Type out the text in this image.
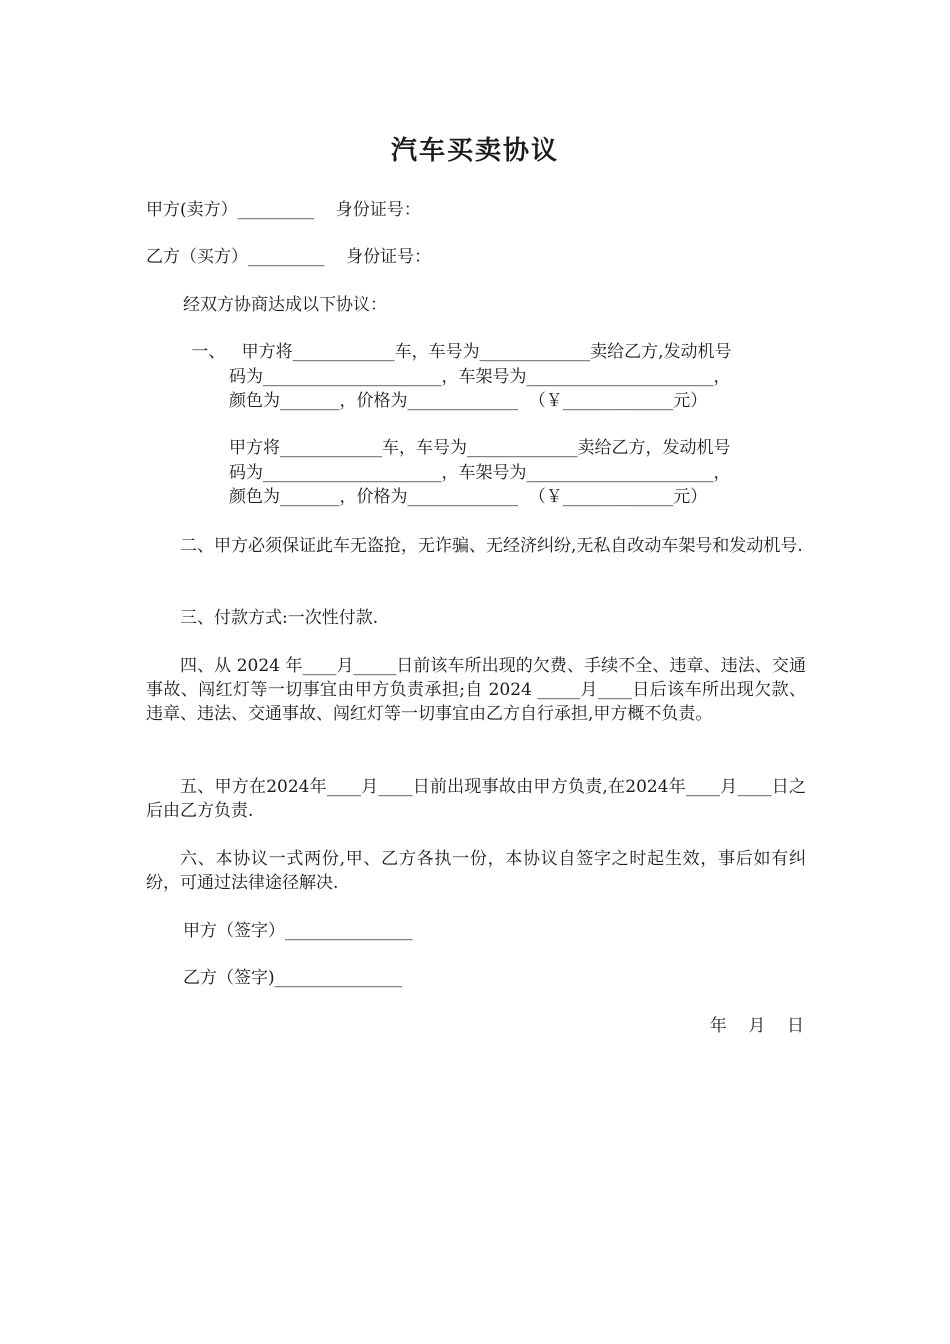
汽车买卖协议
甲方(卖方）_________    身份证号：
乙方（买方）_________    身份证号：
经双方协商达成以下协议：
一、   甲方将____________车，车号为_____________卖给乙方,发动机号
码为_____________________，车架号为______________________，
颜色为_______，价格为_____________  （￥_____________元）
甲方将____________车，车号为_____________卖给乙方，发动机号
码为_____________________，车架号为______________________，
颜色为_______，价格为_____________  （￥_____________元）
二、甲方必须保证此车无盗抢，无诈骗、无经济纠纷,无私自改动车架号和发动机号.
三、付款方式:一次性付款.
四、从 2024 年____月_____日前该车所出现的欠费、手续不全、违章、违法、交通事故、闯红灯等一切事宜由甲方负责承担;自 2024 _____月____日后该车所出现欠款、违章、违法、交通事故、闯红灯等一切事宜由乙方自行承担,甲方概不负责。
五、甲方在2024年____月____日前出现事故由甲方负责,在2024年____月____日之后由乙方负责.
六、本协议一式两份,甲、乙方各执一份，本协议自签字之时起生效，事后如有纠纷，可通过法律途径解决.
甲方（签字）_______________
乙方（签字)_______________
年    月    日
